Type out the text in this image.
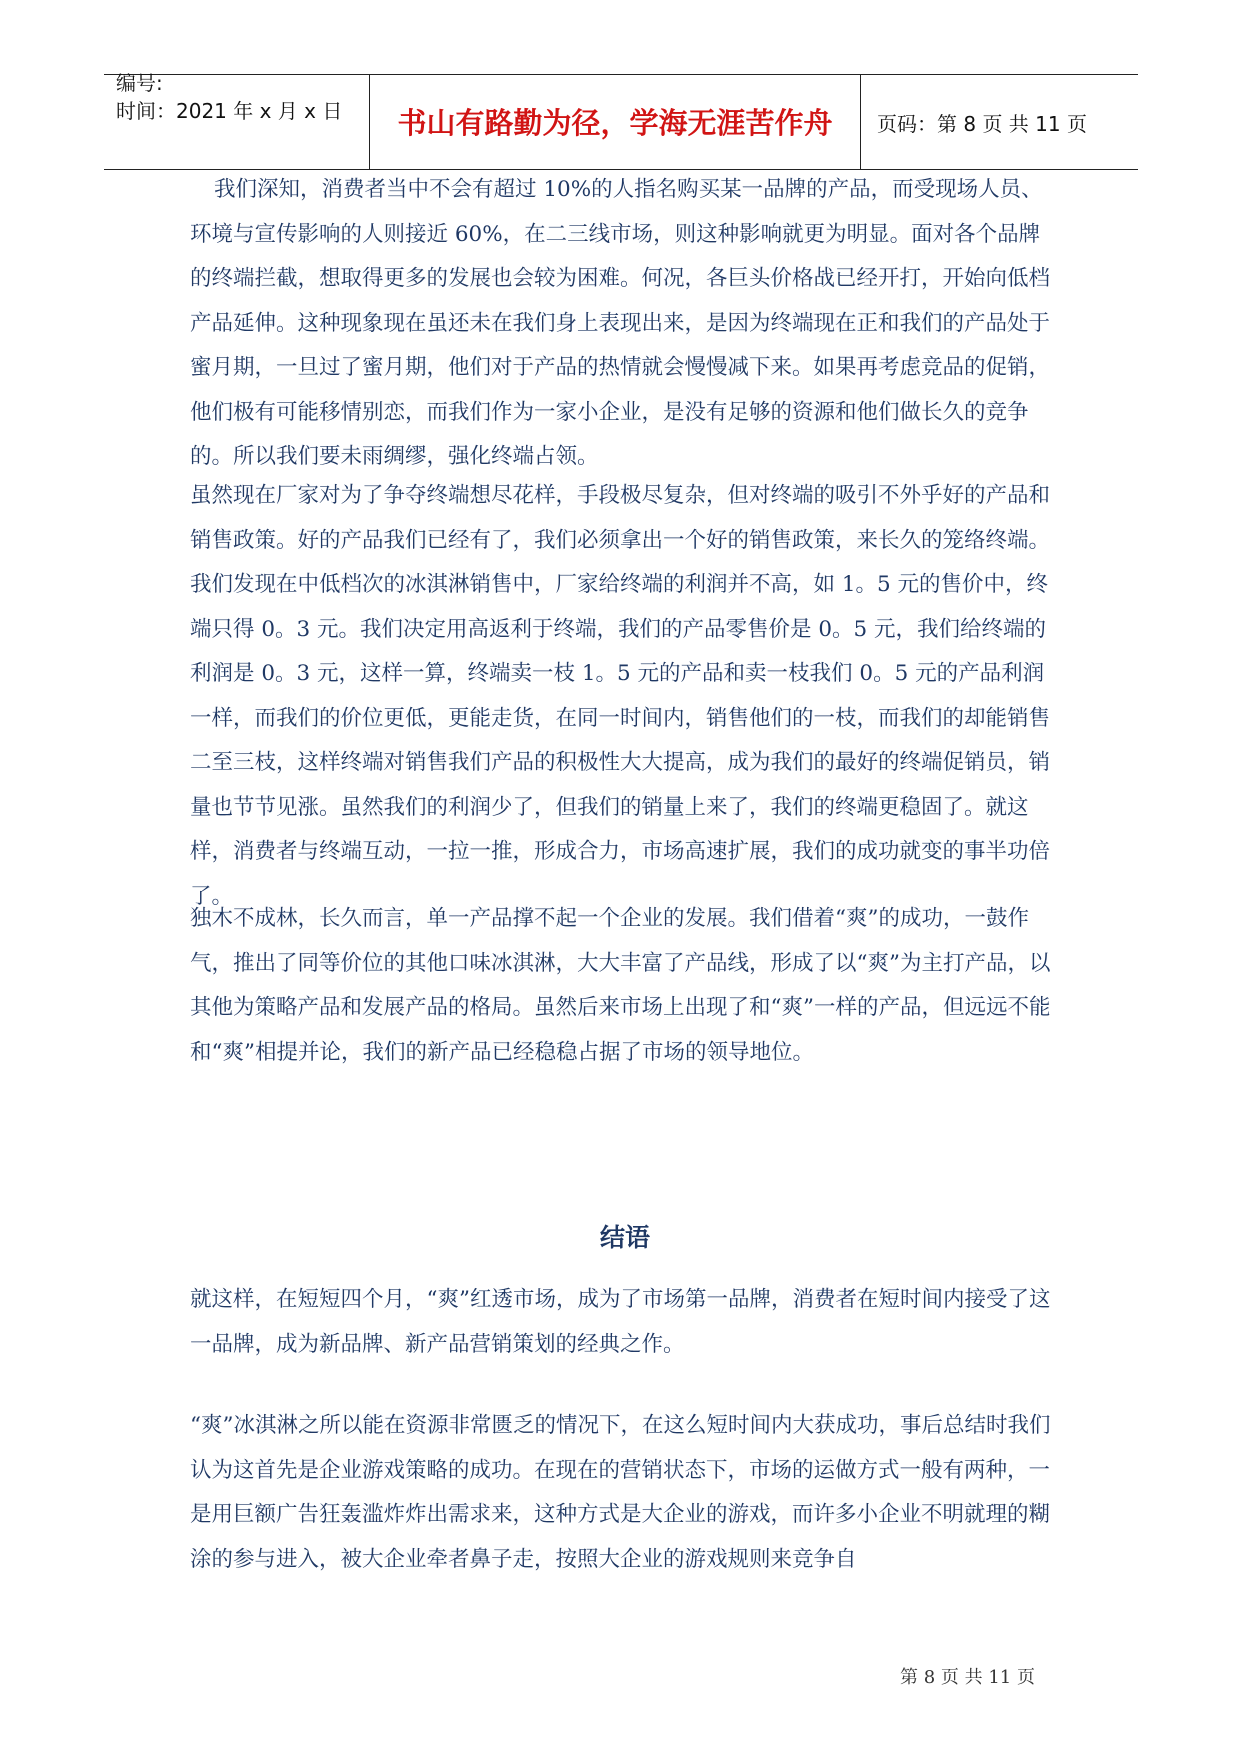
编号:
时间：2021 年 x 月 x 日	书山有路勤为径，学海无涯苦作舟	页码：第 8 页 共 11 页
我们深知，消费者当中不会有超过 10%的人指名购买某一品牌的产品，而受现场人员、环境与宣传影响的人则接近 60%，在二三线市场，则这种影响就更为明显。面对各个品牌的终端拦截，想取得更多的发展也会较为困难。何况，各巨头价格战已经开打，开始向低档产品延伸。这种现象现在虽还未在我们身上表现出来，是因为终端现在正和我们的产品处于蜜月期，一旦过了蜜月期，他们对于产品的热情就会慢慢减下来。如果再考虑竞品的促销，他们极有可能移情别恋，而我们作为一家小企业，是没有足够的资源和他们做长久的竞争的。所以我们要未雨绸缪，强化终端占领。
虽然现在厂家对为了争夺终端想尽花样，手段极尽复杂，但对终端的吸引不外乎好的产品和销售政策。好的产品我们已经有了，我们必须拿出一个好的销售政策，来长久的笼络终端。我们发现在中低档次的冰淇淋销售中，厂家给终端的利润并不高，如 1。5 元的售价中，终端只得 0。3 元。我们决定用高返利于终端，我们的产品零售价是 0。5 元，我们给终端的利润是 0。3 元，这样一算，终端卖一枝 1。5 元的产品和卖一枝我们 0。5 元的产品利润一样，而我们的价位更低，更能走货，在同一时间内，销售他们的一枝，而我们的却能销售二至三枝，这样终端对销售我们产品的积极性大大提高，成为我们的最好的终端促销员，销量也节节见涨。虽然我们的利润少了，但我们的销量上来了，我们的终端更稳固了。就这样，消费者与终端互动，一拉一推，形成合力，市场高速扩展，我们的成功就变的事半功倍了。
独木不成林，长久而言，单一产品撑不起一个企业的发展。我们借着“爽”的成功，一鼓作气，推出了同等价位的其他口味冰淇淋，大大丰富了产品线，形成了以“爽”为主打产品，以其他为策略产品和发展产品的格局。虽然后来市场上出现了和“爽”一样的产品，但远远不能和“爽”相提并论，我们的新产品已经稳稳占据了市场的领导地位。
结语
就这样，在短短四个月，“爽”红透市场，成为了市场第一品牌，消费者在短时间内接受了这一品牌，成为新品牌、新产品营销策划的经典之作。
“爽”冰淇淋之所以能在资源非常匮乏的情况下，在这么短时间内大获成功，事后总结时我们认为这首先是企业游戏策略的成功。在现在的营销状态下，市场的运做方式一般有两种，一是用巨额广告狂轰滥炸炸出需求来，这种方式是大企业的游戏，而许多小企业不明就理的糊涂的参与进入，被大企业牵者鼻子走，按照大企业的游戏规则来竞争自
第 8 页 共 11 页
